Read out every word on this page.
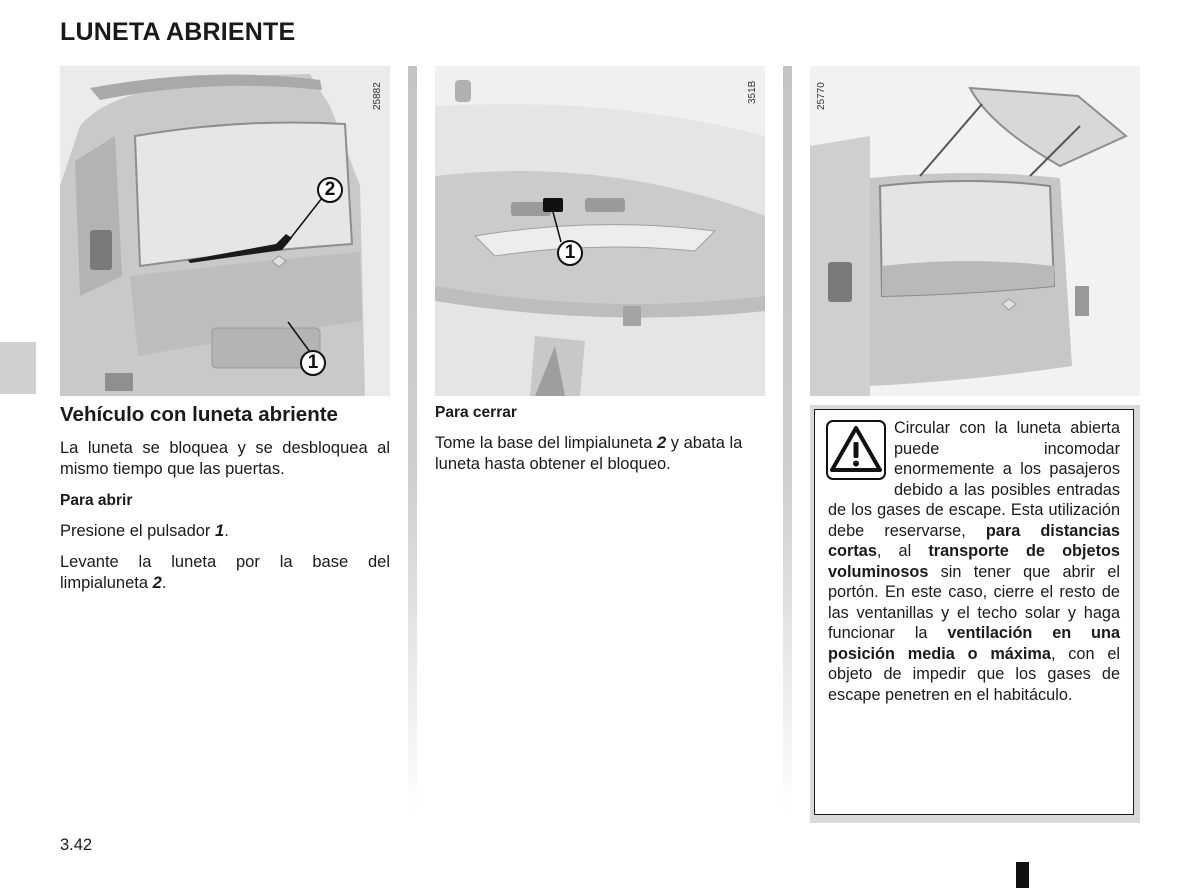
LUNETA ABRIENTE
25882
2
1
351B
1
25770
Vehículo con luneta abriente

La luneta se bloquea y se desbloquea al mismo tiempo que las puertas.

Para abrir

Presione el pulsador 1.

Levante la luneta por la base del limpialuneta 2.

Para cerrar

Tome la base del limpialuneta 2 y abata la luneta hasta obtener el bloqueo.

Circular con la luneta abierta puede incomodar enormemente a los pasajeros debido a las posibles entradas de los gases de escape. Esta utilización debe reservarse, para distancias cortas, al transporte de objetos voluminosos sin tener que abrir el portón. En este caso, cierre el resto de las ventanillas y el techo solar y haga funcionar la ventilación en una posición media o máxima, con el objeto de impedir que los gases de escape penetren en el habitáculo.
3.42
